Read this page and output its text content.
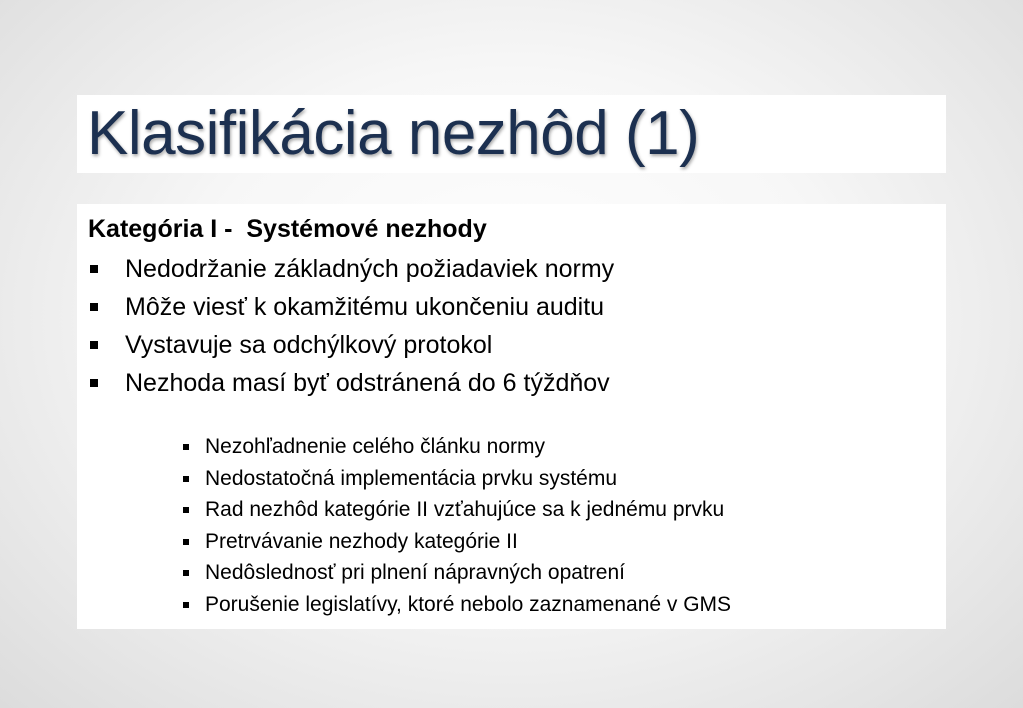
Klasifikácia nezhôd (1)

Kategória I -  Systémové nezhody

Nedodržanie základných požiadaviek normy
Môže viesť k okamžitému ukončeniu auditu
Vystavuje sa odchýlkový protokol
Nezhoda masí byť odstránená do 6 týždňov
Nezohľadnenie celého článku normy
Nedostatočná implementácia prvku systému
Rad nezhôd kategórie II vzťahujúce sa k jednému prvku
Pretrvávanie nezhody kategórie II
Nedôslednosť pri plnení nápravných opatrení
Porušenie legislatívy, ktoré nebolo zaznamenané v GMS
